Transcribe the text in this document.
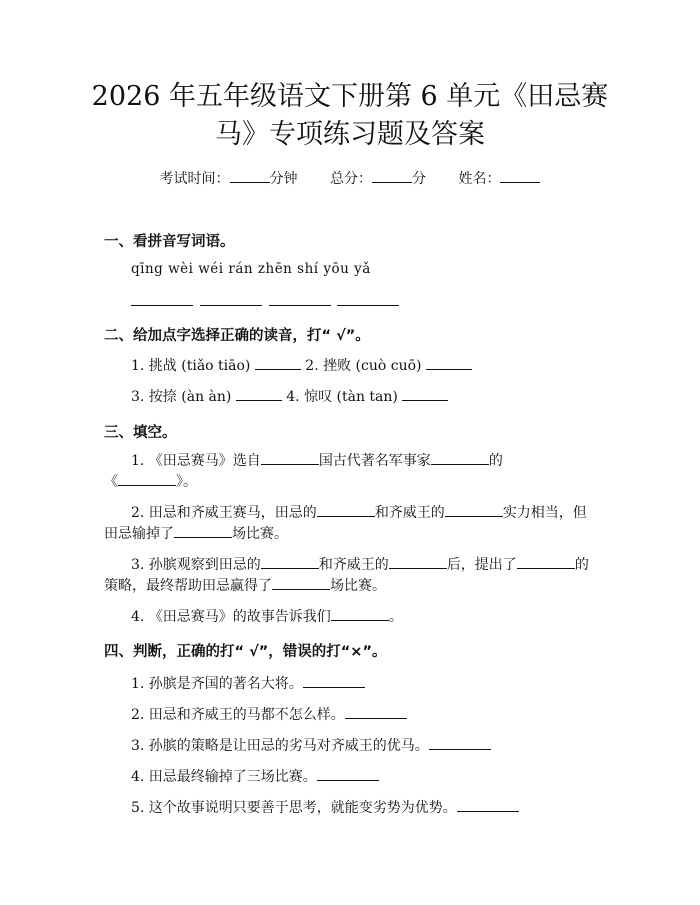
2026 年五年级语文下册第 6 单元《田忌赛
马》专项练习题及答案
考试时间：	分钟 总分：	分 姓名：
一、看拼音写词语。
qīng wèi wéi rán zhēn shí yōu yǎ
二、给加点字选择正确的读音，打“ √”。
1. 挑战 (tiǎo tiāo)	2. 挫败 (cuò cuō)
3. 按捺 (àn àn)	4. 惊叹 (tàn tan)
三、填空。
1. 《田忌赛马》选自	国古代著名军事家	的
《	》。
2. 田忌和齐威王赛马，田忌的	和齐威王的	实力相当，但
田忌输掉了	场比赛。
3. 孙膑观察到田忌的	和齐威王的	后，提出了	的
策略，最终帮助田忌赢得了	场比赛。
4. 《田忌赛马》的故事告诉我们	。
四、判断，正确的打“ √”，错误的打“×”。
1. 孙膑是齐国的著名大将。
2. 田忌和齐威王的马都不怎么样。
3. 孙膑的策略是让田忌的劣马对齐威王的优马。
4. 田忌最终输掉了三场比赛。
5. 这个故事说明只要善于思考，就能变劣势为优势。
